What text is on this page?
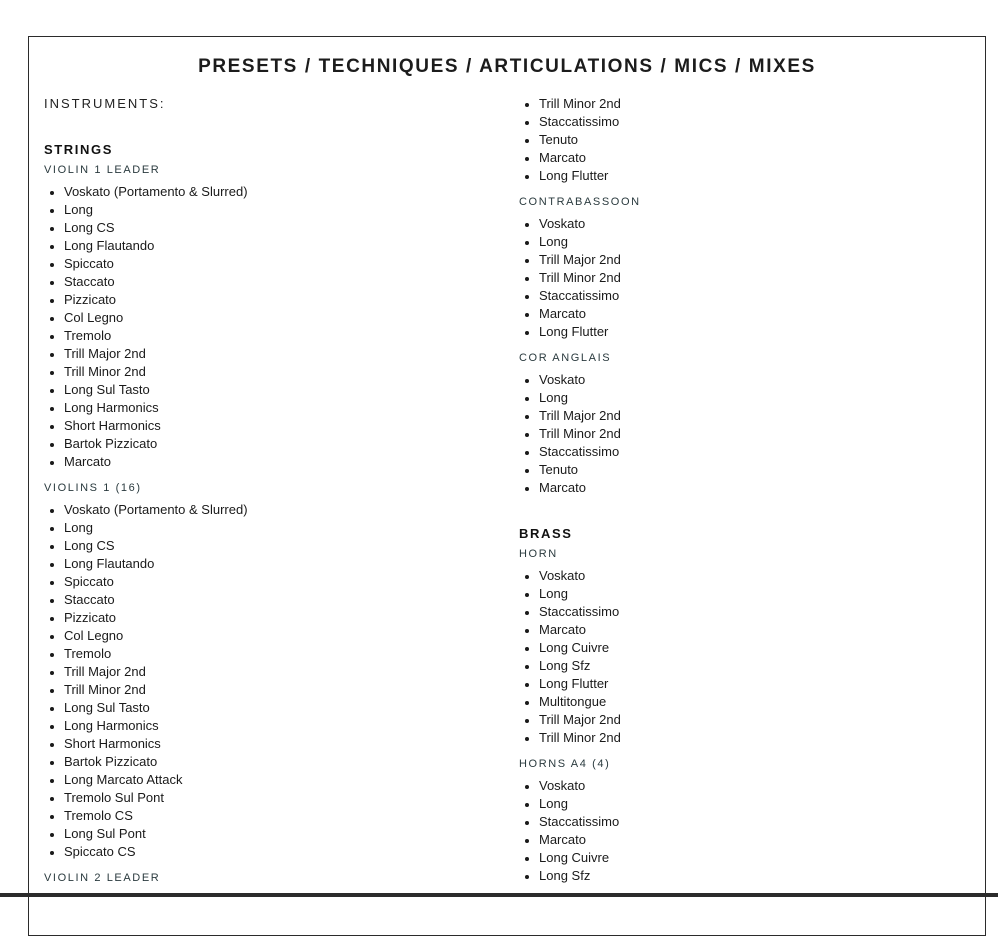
PRESETS / TECHNIQUES / ARTICULATIONS / MICS / MIXES
INSTRUMENTS:
STRINGS
VIOLIN 1 LEADER
Voskato (Portamento & Slurred)
Long
Long CS
Long Flautando
Spiccato
Staccato
Pizzicato
Col Legno
Tremolo
Trill Major 2nd
Trill Minor 2nd
Long Sul Tasto
Long Harmonics
Short Harmonics
Bartok Pizzicato
Marcato
VIOLINS 1 (16)
Voskato (Portamento & Slurred)
Long
Long CS
Long Flautando
Spiccato
Staccato
Pizzicato
Col Legno
Tremolo
Trill Major 2nd
Trill Minor 2nd
Long Sul Tasto
Long Harmonics
Short Harmonics
Bartok Pizzicato
Long Marcato Attack
Tremolo Sul Pont
Tremolo CS
Long Sul Pont
Spiccato CS
VIOLIN 2 LEADER
Trill Minor 2nd
Staccatissimo
Tenuto
Marcato
Long Flutter
CONTRABASSOON
Voskato
Long
Trill Major 2nd
Trill Minor 2nd
Staccatissimo
Marcato
Long Flutter
COR ANGLAIS
Voskato
Long
Trill Major 2nd
Trill Minor 2nd
Staccatissimo
Tenuto
Marcato
BRASS
HORN
Voskato
Long
Staccatissimo
Marcato
Long Cuivre
Long Sfz
Long Flutter
Multitongue
Trill Major 2nd
Trill Minor 2nd
HORNS A4 (4)
Voskato
Long
Staccatissimo
Marcato
Long Cuivre
Long Sfz
